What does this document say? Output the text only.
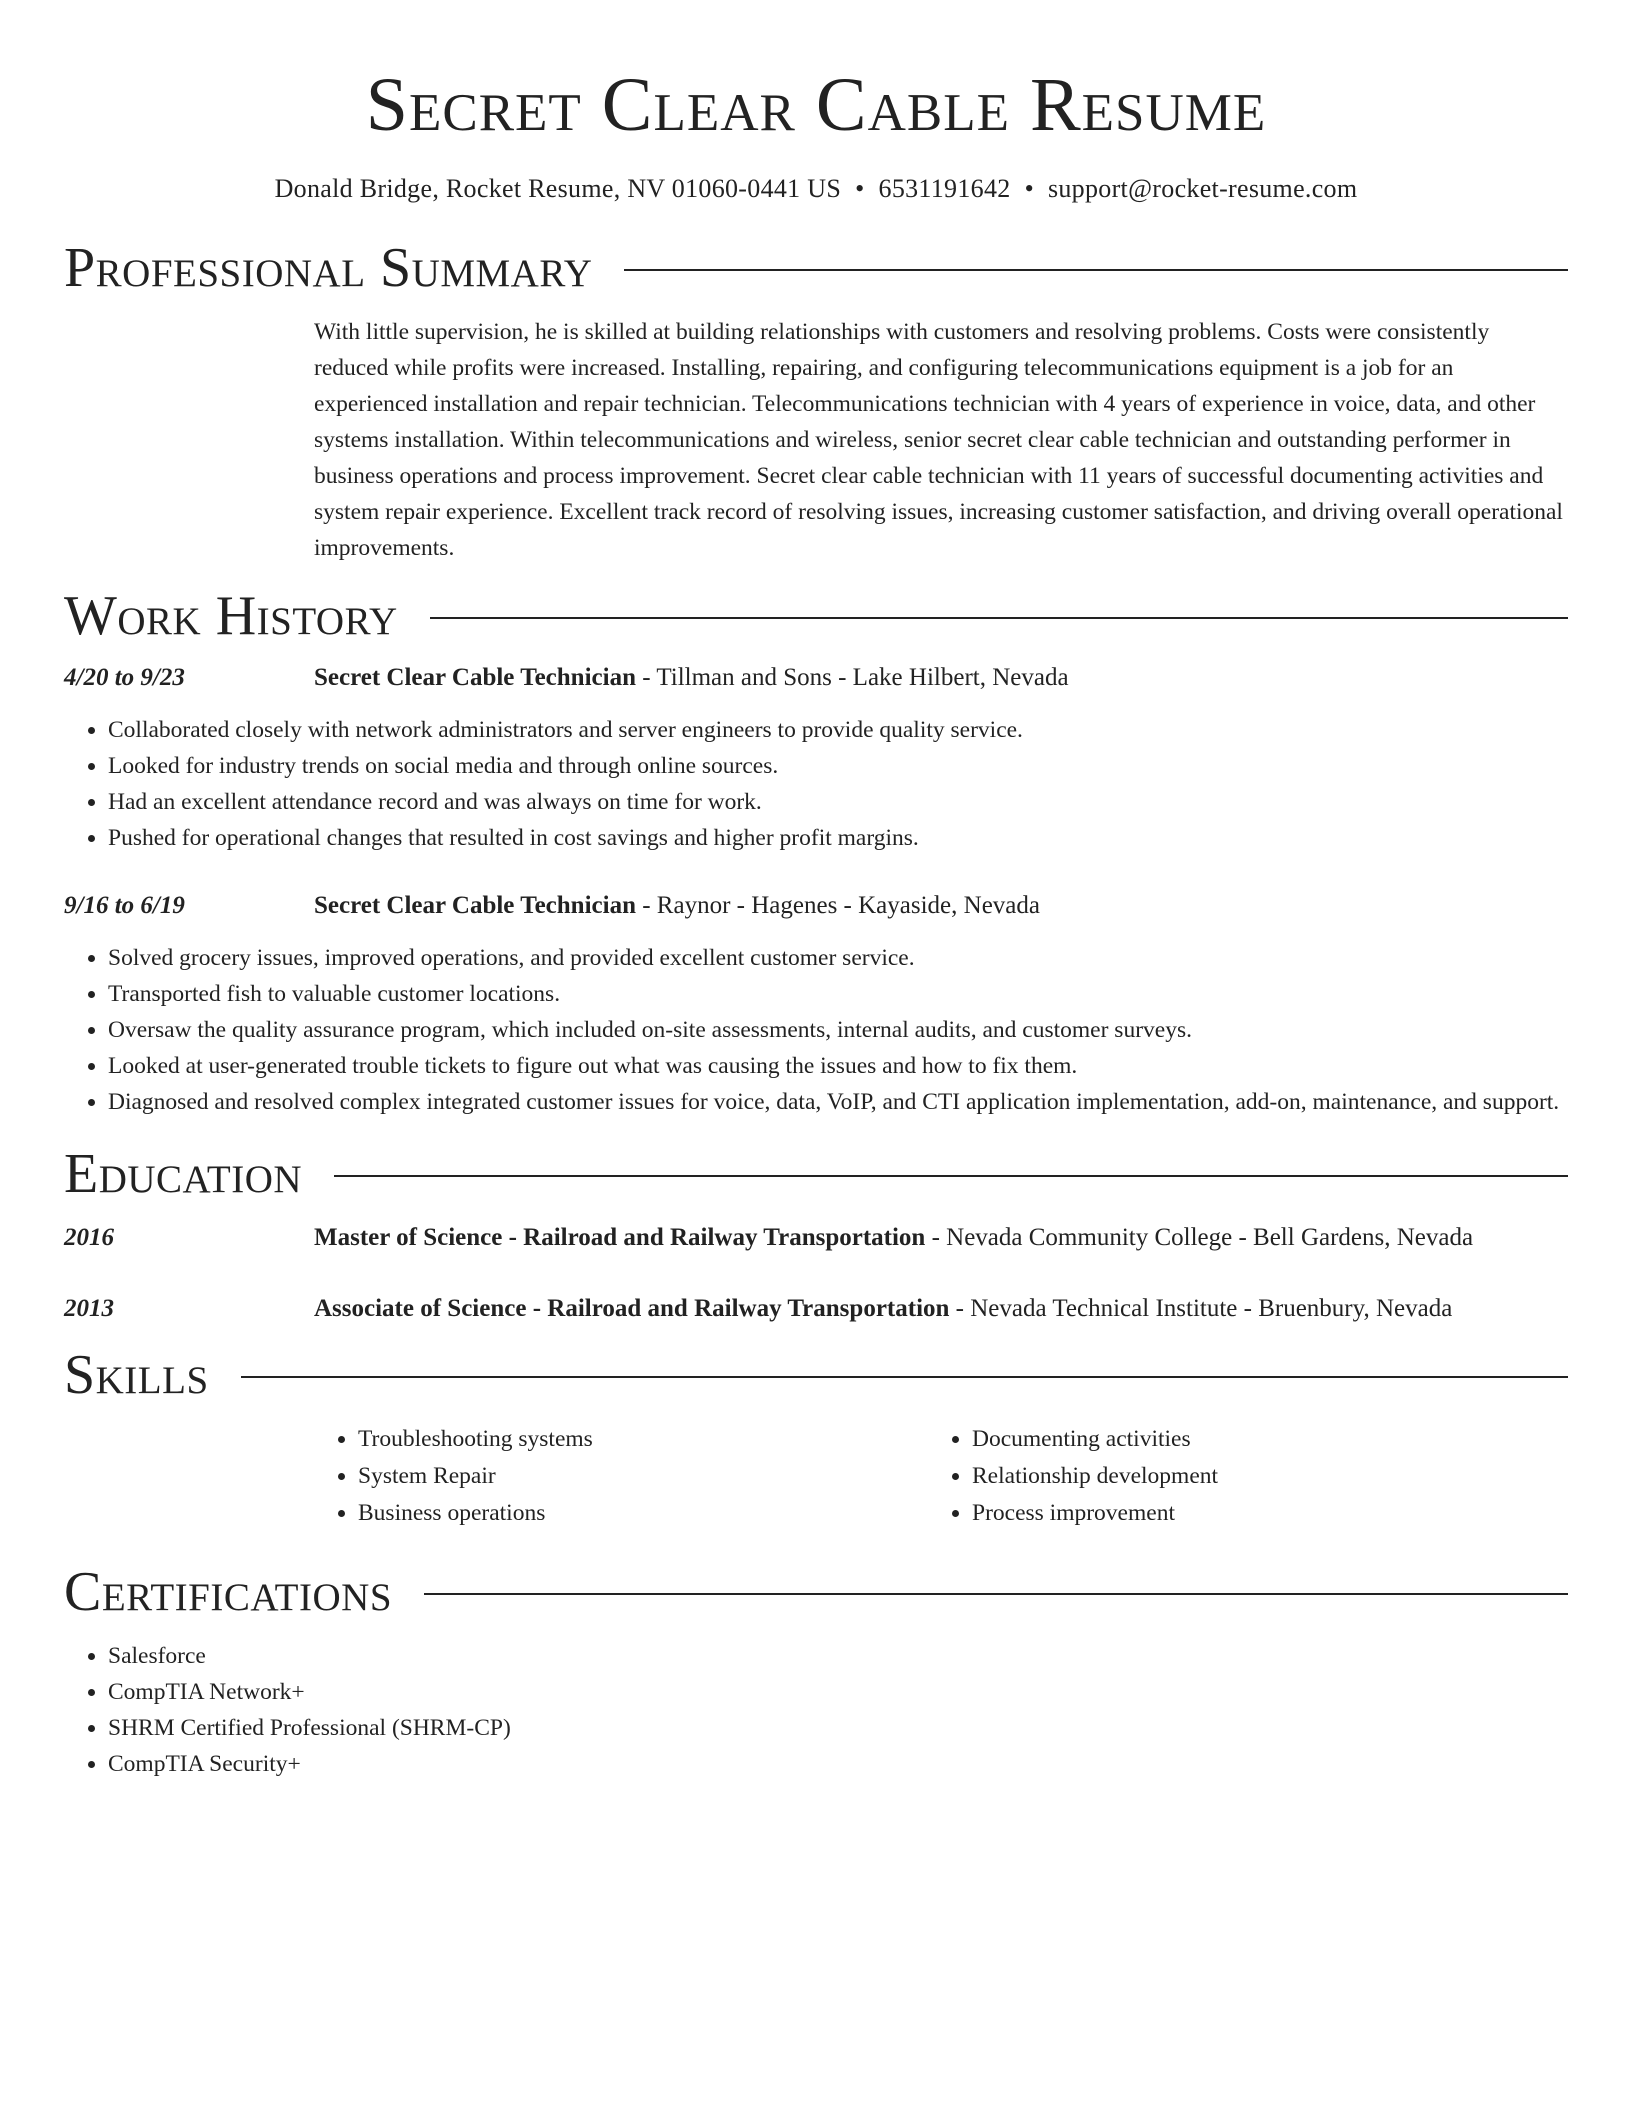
Secret Clear Cable Resume
Donald Bridge, Rocket Resume, NV 01060-0441 US • 6531191642 • support@rocket-resume.com
Professional Summary
With little supervision, he is skilled at building relationships with customers and resolving problems. Costs were consistently reduced while profits were increased. Installing, repairing, and configuring telecommunications equipment is a job for an experienced installation and repair technician. Telecommunications technician with 4 years of experience in voice, data, and other systems installation. Within telecommunications and wireless, senior secret clear cable technician and outstanding performer in business operations and process improvement. Secret clear cable technician with 11 years of successful documenting activities and system repair experience. Excellent track record of resolving issues, increasing customer satisfaction, and driving overall operational improvements.
Work History
4/20 to 9/23	Secret Clear Cable Technician - Tillman and Sons - Lake Hilbert, Nevada
• Collaborated closely with network administrators and server engineers to provide quality service.
• Looked for industry trends on social media and through online sources.
• Had an excellent attendance record and was always on time for work.
• Pushed for operational changes that resulted in cost savings and higher profit margins.
9/16 to 6/19	Secret Clear Cable Technician - Raynor - Hagenes - Kayaside, Nevada
• Solved grocery issues, improved operations, and provided excellent customer service.
• Transported fish to valuable customer locations.
• Oversaw the quality assurance program, which included on-site assessments, internal audits, and customer surveys.
• Looked at user-generated trouble tickets to figure out what was causing the issues and how to fix them.
• Diagnosed and resolved complex integrated customer issues for voice, data, VoIP, and CTI application implementation, add-on, maintenance, and support.
Education
2016	Master of Science - Railroad and Railway Transportation - Nevada Community College - Bell Gardens, Nevada
2013	Associate of Science - Railroad and Railway Transportation - Nevada Technical Institute - Bruenbury, Nevada
Skills
• Troubleshooting systems
• System Repair
• Business operations
• Documenting activities
• Relationship development
• Process improvement
Certifications
• Salesforce
• CompTIA Network+
• SHRM Certified Professional (SHRM-CP)
• CompTIA Security+
